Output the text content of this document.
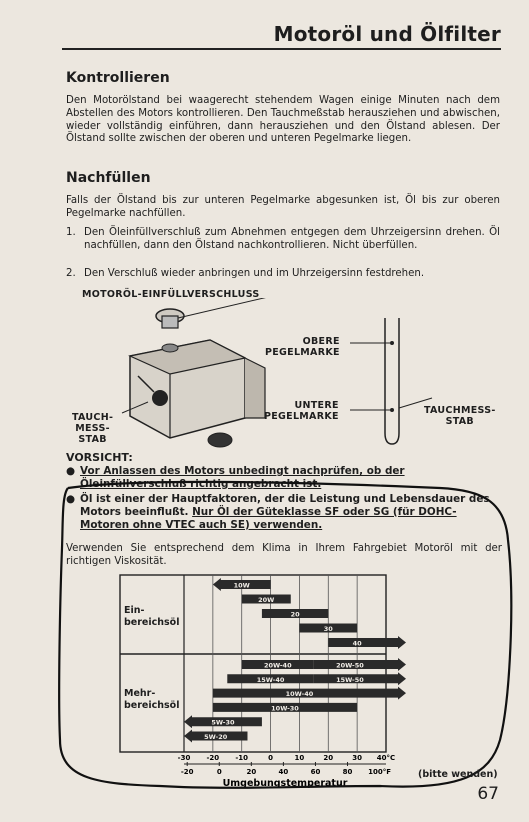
Motoröl und Ölfilter
Kontrollieren
Den Motorölstand bei waagerecht stehendem Wagen einige Minuten nach dem Abstellen des Motors kontrollieren. Den Tauchmeßstab herausziehen und abwischen, wieder vollständig einführen, dann herausziehen und den Ölstand ablesen. Der Ölstand sollte zwischen der oberen und unteren Pegelmarke liegen.
Nachfüllen
Falls der Ölstand bis zur unteren Pegelmarke abgesunken ist, Öl bis zur oberen Pegelmarke nachfüllen.
1. Den Öleinfüllverschluß zum Abnehmen entgegen dem Uhrzeigersinn drehen. Öl nachfüllen, dann den Ölstand nachkontrollieren. Nicht überfüllen.
2. Den Verschluß wieder anbringen und im Uhrzeigersinn festdrehen.
MOTORÖL-EINFÜLLVERSCHLUSS
OBERE
PEGELMARKE
UNTERE
PEGELMARKE
TAUCHMESS-
STAB
TAUCH-
MESS-
STAB
VORSICHT:
● Vor Anlassen des Motors unbedingt nachprüfen, ob der Öleinfüllverschluß richtig angebracht ist.
● Öl ist einer der Hauptfaktoren, der die Leistung und Lebensdauer des Motors beeinflußt. Nur Öl der Güteklasse SF oder SG (für DOHC-Motoren ohne VTEC auch SE) verwenden.
Verwenden Sie entsprechend dem Klima in Ihrem Fahrgebiet Motoröl mit der richtigen Viskosität.
Ein-
bereichsöl
Mehr-
bereichsöl
10W
20W
20
30
40
20W-40	20W-50
15W-40	15W-50
10W-40
10W-30
5W-30
5W-20
-30 -20 -10	0	10	20	30 40°C
-20	0	20	40	60	80 100°F
Umgebungstemperatur
(bitte wenden)
67
